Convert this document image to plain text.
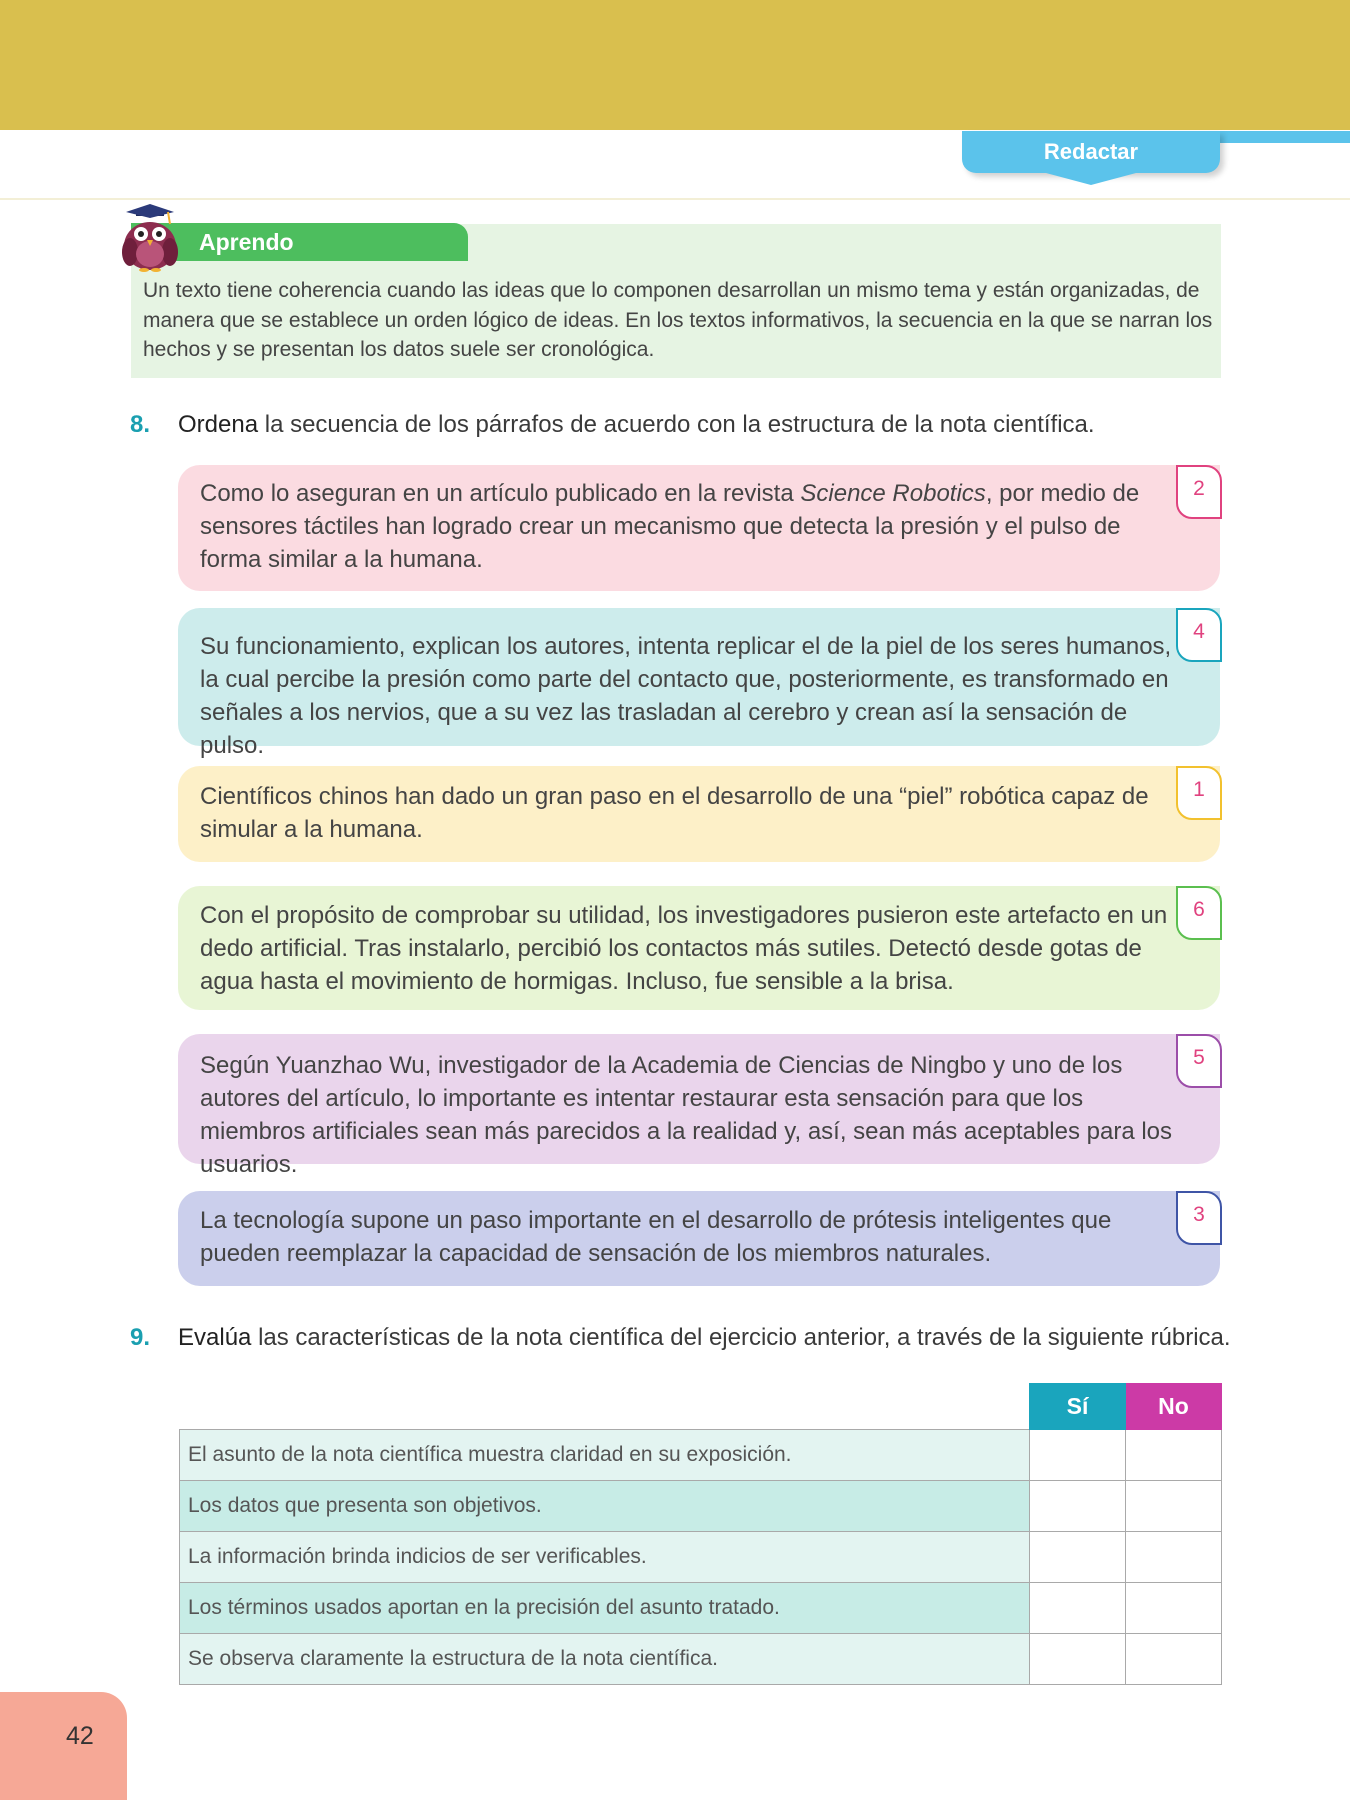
Redactar
Aprendo
Un texto tiene coherencia cuando las ideas que lo componen desarrollan un mismo tema y están organizadas, de manera que se establece un orden lógico de ideas. En los textos informativos, la secuencia en la que se narran los hechos y se presentan los datos suele ser cronológica.
8. Ordena la secuencia de los párrafos de acuerdo con la estructura de la nota científica.
Como lo aseguran en un artículo publicado en la revista Science Robotics, por medio de sensores táctiles han logrado crear un mecanismo que detecta la presión y el pulso de forma similar a la humana.
2
Su funcionamiento, explican los autores, intenta replicar el de la piel de los seres humanos, la cual percibe la presión como parte del contacto que, posteriormente, es transformado en señales a los nervios, que a su vez las trasladan al cerebro y crean así la sensación de pulso.
4
Científicos chinos han dado un gran paso en el desarrollo de una “piel” robótica capaz de simular a la humana.
1
Con el propósito de comprobar su utilidad, los investigadores pusieron este artefacto en un dedo artificial. Tras instalarlo, percibió los contactos más sutiles. Detectó desde gotas de agua hasta el movimiento de hormigas. Incluso, fue sensible a la brisa.
6
Según Yuanzhao Wu, investigador de la Academia de Ciencias de Ningbo y uno de los autores del artículo, lo importante es intentar restaurar esta sensación para que los miembros artificiales sean más parecidos a la realidad y, así, sean más aceptables para los usuarios.
5
La tecnología supone un paso importante en el desarrollo de prótesis inteligentes que pueden reemplazar la capacidad de sensación de los miembros naturales.
3
9. Evalúa las características de la nota científica del ejercicio anterior, a través de la siguiente rúbrica.
	Sí	No
El asunto de la nota científica muestra claridad en su exposición.		
Los datos que presenta son objetivos.		
La información brinda indicios de ser verificables.		
Los términos usados aportan en la precisión del asunto tratado.		
Se observa claramente la estructura de la nota científica.		
42
